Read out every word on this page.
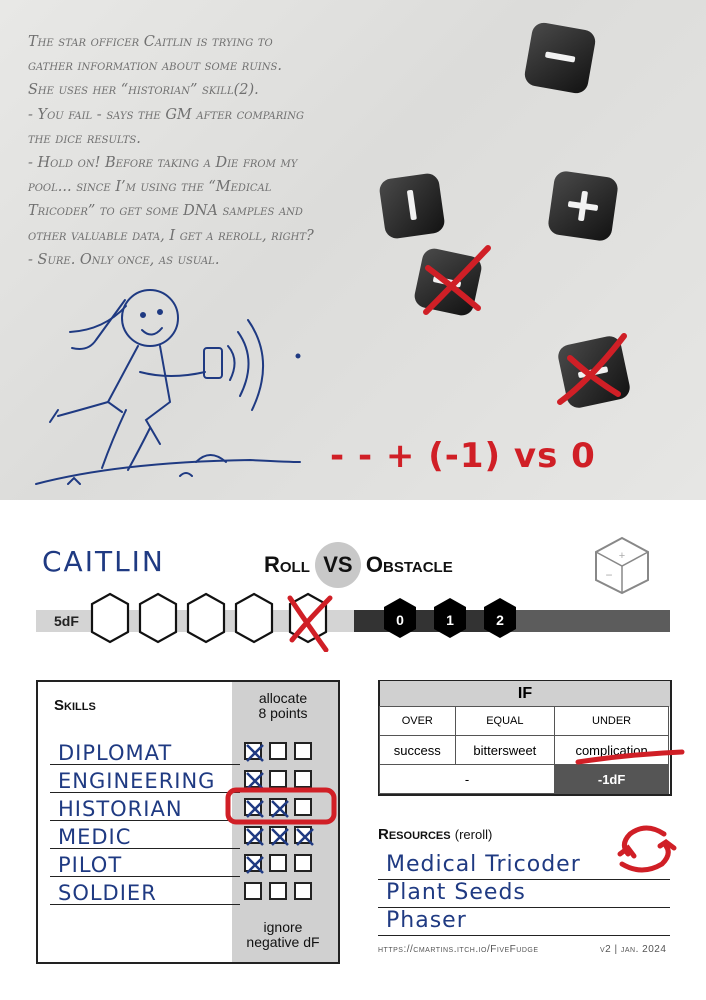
The star officer Caitlin is trying to

gather information about some ruins.

She uses her “historian” skill(2).

- You fail - says the GM after comparing

the dice results.

- Hold on! Before taking a Die from my

pool... since I’m using the “Medical

Tricoder” to get some DNA samples and

other valuable data, I get a reroll, right?

- Sure. Only once, as usual.

- - + (-1) vs 0
CAITLIN	Roll VS Obstacle	+
−
5dF	0	1	2
Skills	allocate
8 points
ignore
negative dF
DIPLOMAT
ENGINEERING
HISTORIAN
MEDIC
PILOT
SOLDIER
IF
OVER	EQUAL	UNDER
success	bittersweet	complication
-		-1dF
Resources (reroll)
Medical Tricoder
Plant Seeds
Phaser
https://cmartins.itch.io/FiveFudge	v2 | jan. 2024
